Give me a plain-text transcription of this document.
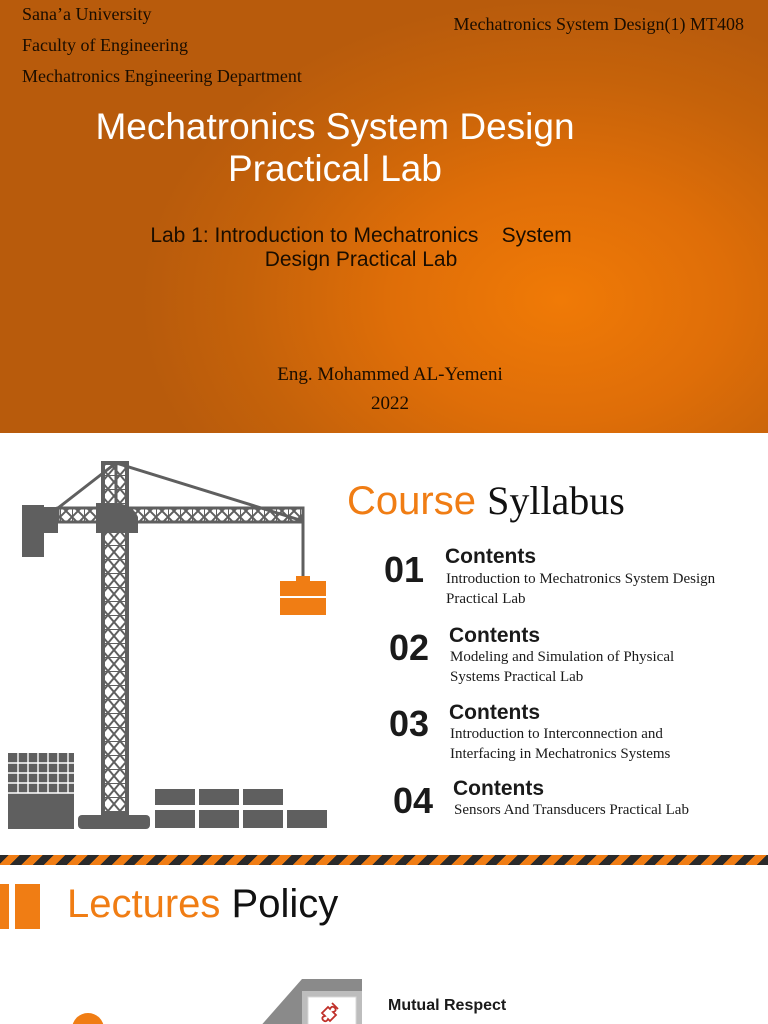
Sana’a University
Faculty of Engineering
Mechatronics Engineering Department
Mechatronics System Design(1) MT408
Mechatronics System Design
Practical Lab
Lab 1: Introduction to Mechatronics    System
Design Practical Lab
Eng. Mohammed AL-Yemeni
2022
Course Syllabus
01 Contents
Introduction to Mechatronics System Design
Practical Lab
02 Contents
Modeling and Simulation of Physical
Systems Practical Lab
03 Contents
Introduction to Interconnection and
Interfacing in Mechatronics Systems
04 Contents
Sensors And Transducers Practical Lab
Lectures Policy
Mutual Respect
